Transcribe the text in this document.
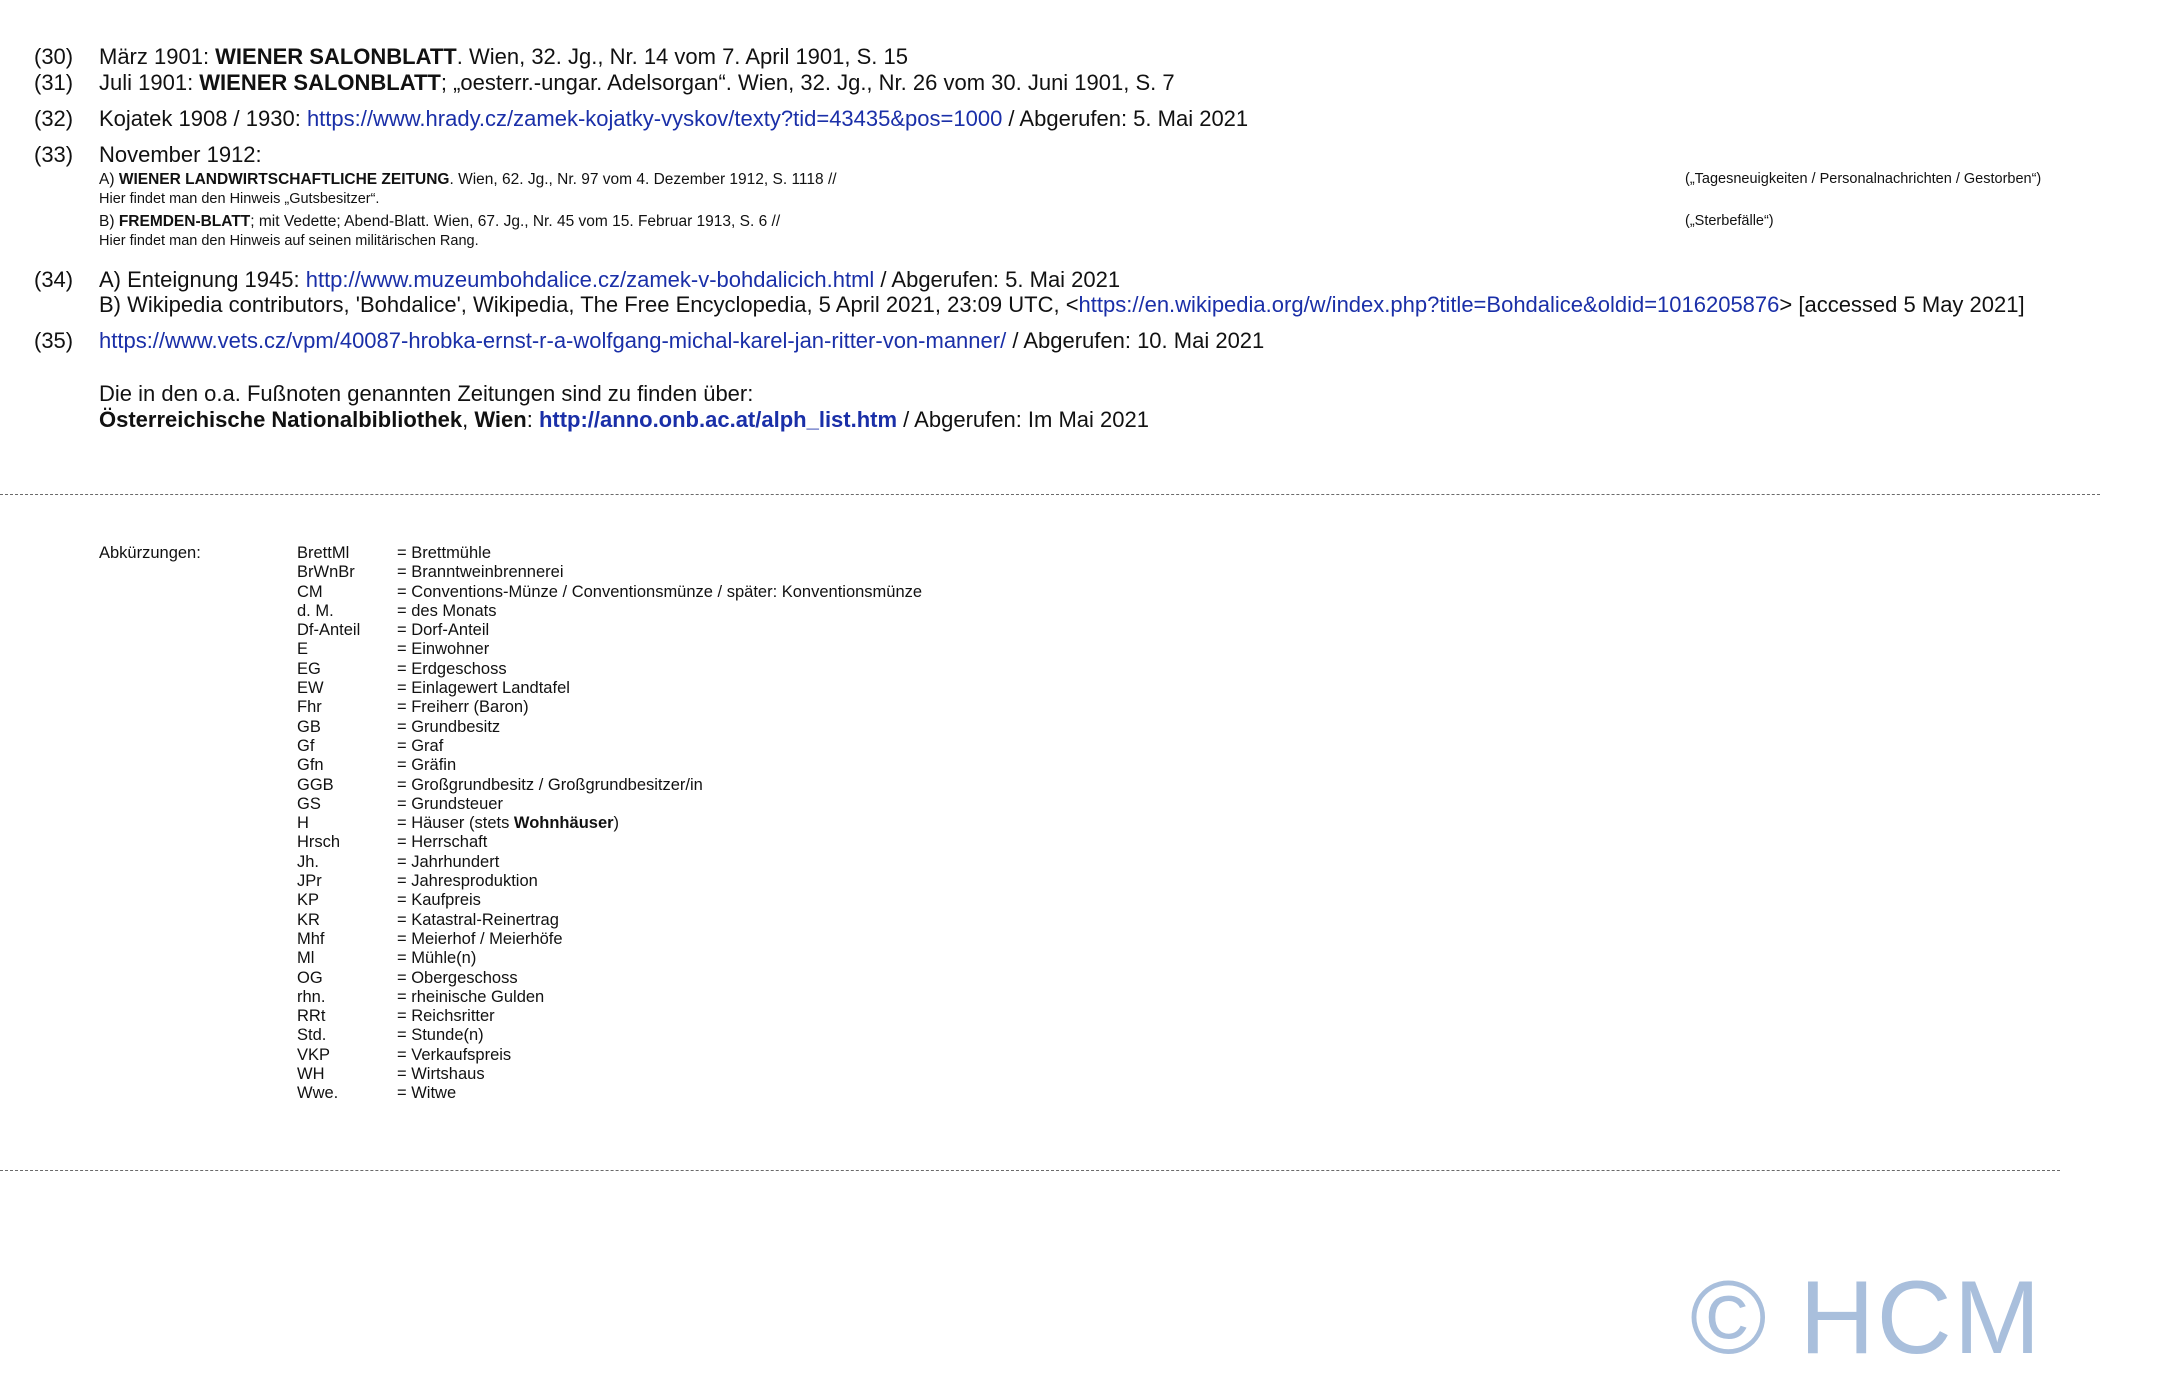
(30) März 1901: WIENER SALONBLATT. Wien, 32. Jg., Nr. 14 vom 7. April 1901, S. 15
(31) Juli 1901: WIENER SALONBLATT; „oesterr.-ungar. Adelsorgan“. Wien, 32. Jg., Nr. 26 vom 30. Juni 1901, S. 7
(32) Kojatek 1908 / 1930: https://www.hrady.cz/zamek-kojatky-vyskov/texty?tid=43435&pos=1000 / Abgerufen: 5. Mai 2021
(33) November 1912:
A) WIENER LANDWIRTSCHAFTLICHE ZEITUNG. Wien, 62. Jg., Nr. 97 vom 4. Dezember 1912, S. 1118 //
Hier findet man den Hinweis „Gutsbesitzer“.
(„Tagesneuigkeiten / Personalnachrichten / Gestorben“)
B) FREMDEN-BLATT; mit Vedette; Abend-Blatt. Wien, 67. Jg., Nr. 45 vom 15. Februar 1913, S. 6 //
Hier findet man den Hinweis auf seinen militärischen Rang.
(„Sterbefälle“)
(34) A) Enteignung 1945: http://www.muzeumbohdalice.cz/zamek-v-bohdalicich.html / Abgerufen: 5. Mai 2021
B) Wikipedia contributors, 'Bohdalice', Wikipedia, The Free Encyclopedia, 5 April 2021, 23:09 UTC, <https://en.wikipedia.org/w/index.php?title=Bohdalice&oldid=1016205876> [accessed 5 May 2021]
(35) https://www.vets.cz/vpm/40087-hrobka-ernst-r-a-wolfgang-michal-karel-jan-ritter-von-manner/ / Abgerufen: 10. Mai 2021
Die in den o.a. Fußnoten genannten Zeitungen sind zu finden über:
Österreichische Nationalbibliothek, Wien: http://anno.onb.ac.at/alph_list.htm / Abgerufen: Im Mai 2021
Abkürzungen:	BrettMl
BrWnBr
CM
d. M.
Df-Anteil
E
EG
EW
Fhr
GB
Gf
Gfn
GGB
GS
H
Hrsch
Jh.
JPr
KP
KR
Mhf
Ml
OG
rhn.
RRt
Std.
VKP
WH
Wwe.
= Brettmühle
= Branntweinbrennerei
= Conventions-Münze / Conventionsmünze / später: Konventionsmünze
= des Monats
= Dorf-Anteil
= Einwohner
= Erdgeschoss
= Einlagewert Landtafel
= Freiherr (Baron)
= Grundbesitz
= Graf
= Gräfin
= Großgrundbesitz / Großgrundbesitzer/in
= Grundsteuer
= Häuser (stets Wohnhäuser)
= Herrschaft
= Jahrhundert
= Jahresproduktion
= Kaufpreis
= Katastral-Reinertrag
= Meierhof / Meierhöfe
= Mühle(n)
= Obergeschoss
= rheinische Gulden
= Reichsritter
= Stunde(n)
= Verkaufspreis
= Wirtshaus
= Witwe
© HCM
